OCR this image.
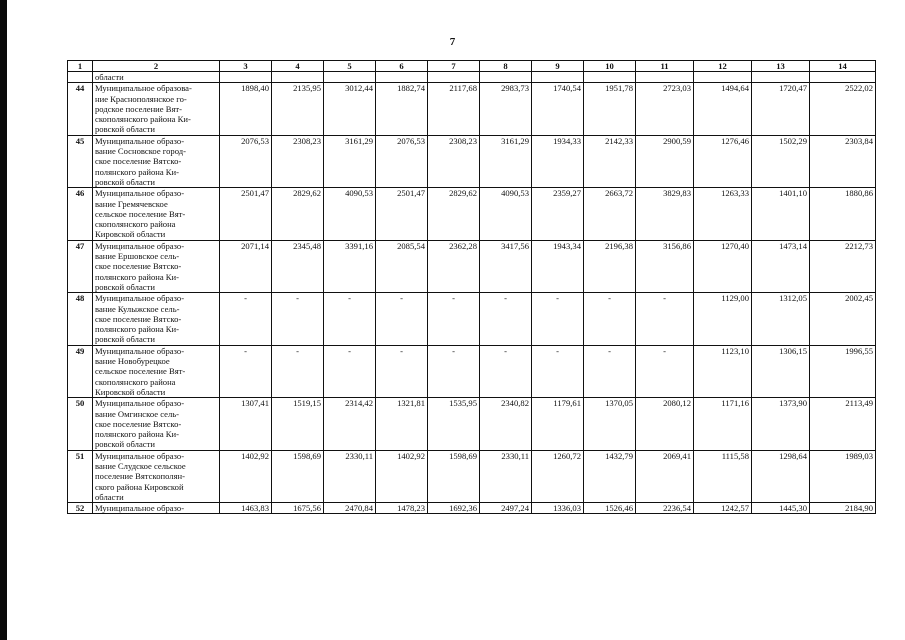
7
1	2	3	4	5	6	7	8	9	10	11	12	13	14
	области												
44	Муниципальное образова-
ние Краснополянское го-
родское поселение Вят-
скополянского района Ки-
ровской области	1898,40	2135,95	3012,44	1882,74	2117,68	2983,73	1740,54	1951,78	2723,03	1494,64	1720,47	2522,02
45	Муниципальное образо-
вание Сосновское город-
ское поселение Вятско-
полянского района Ки-
ровской области	2076,53	2308,23	3161,29	2076,53	2308,23	3161,29	1934,33	2142,33	2900,59	1276,46	1502,29	2303,84
46	Муниципальное образо-
вание Гремячевское
сельское поселение Вят-
скополянского района
Кировской области	2501,47	2829,62	4090,53	2501,47	2829,62	4090,53	2359,27	2663,72	3829,83	1263,33	1401,10	1880,86
47	Муниципальное образо-
вание Ершовское сель-
ское поселение Вятско-
полянского района Ки-
ровской области	2071,14	2345,48	3391,16	2085,54	2362,28	3417,56	1943,34	2196,38	3156,86	1270,40	1473,14	2212,73
48	Муниципальное образо-
вание Кулыжское сель-
ское поселение Вятско-
полянского района Ки-
ровской области	-	-	-	-	-	-	-	-	-	1129,00	1312,05	2002,45
49	Муниципальное образо-
вание Новобурецкое
сельское поселение Вят-
скополянского района
Кировской области	-	-	-	-	-	-	-	-	-	1123,10	1306,15	1996,55
50	Муниципальное образо-
вание Омгинское сель-
ское поселение Вятско-
полянского района Ки-
ровской области	1307,41	1519,15	2314,42	1321,81	1535,95	2340,82	1179,61	1370,05	2080,12	1171,16	1373,90	2113,49
51	Муниципальное образо-
вание Слудское сельское
поселение Вятскополян-
ского района Кировской
области	1402,92	1598,69	2330,11	1402,92	1598,69	2330,11	1260,72	1432,79	2069,41	1115,58	1298,64	1989,03
52	Муниципальное образо-	1463,83	1675,56	2470,84	1478,23	1692,36	2497,24	1336,03	1526,46	2236,54	1242,57	1445,30	2184,90
